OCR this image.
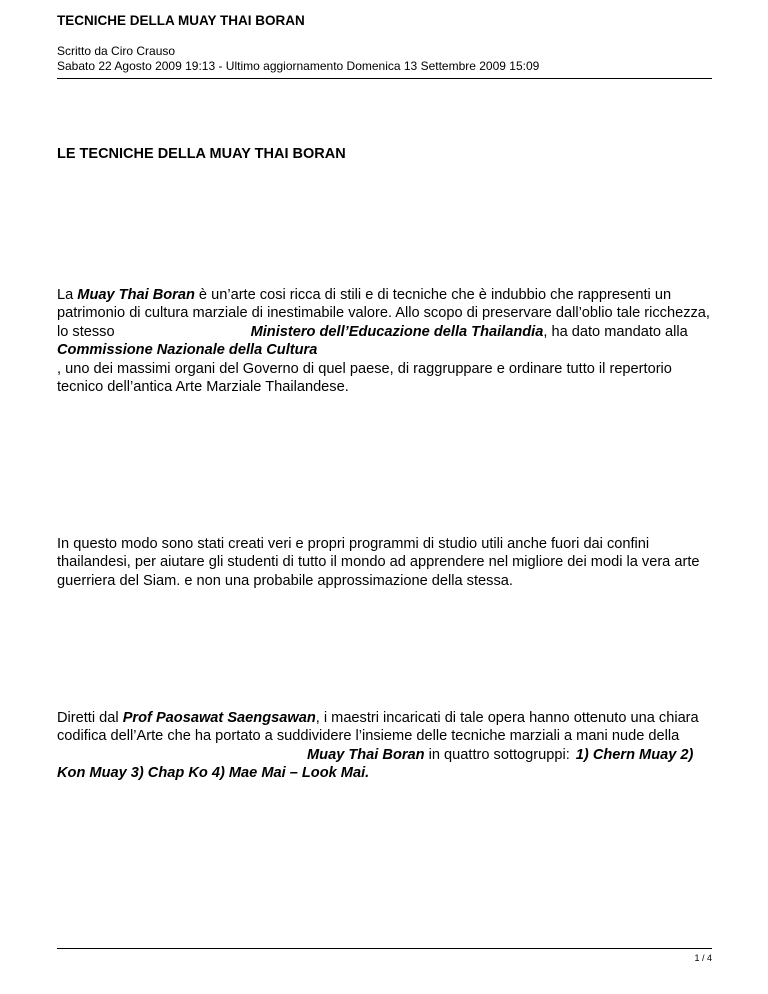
TECNICHE DELLA MUAY THAI BORAN
Scritto da Ciro Crauso
Sabato 22 Agosto 2009 19:13 - Ultimo aggiornamento Domenica 13 Settembre 2009 15:09
LE TECNICHE DELLA MUAY THAI BORAN
La Muay Thai Boran è un’arte cosi ricca di stili e di tecniche che è indubbio che rappresenti un patrimonio di cultura marziale di inestimabile valore. Allo scopo di preservare dall’oblio tale ricchezza, lo stesso	Ministero dell’Educazione della Thailandia, ha dato mandato alla
Commissione Nazionale della Cultura
, uno dei massimi organi del Governo di quel paese, di raggruppare e ordinare tutto il repertorio tecnico dell’antica Arte Marziale Thailandese.
In questo modo sono stati creati veri e propri programmi di studio utili anche fuori dai confini thailandesi, per aiutare gli studenti di tutto il mondo ad apprendere nel migliore dei modi la vera arte guerriera del Siam. e non una probabile approssimazione della stessa.
Diretti dal Prof Paosawat Saengsawan, i maestri incaricati di tale opera hanno ottenuto una chiara codifica dell’Arte che ha portato a suddividere l’insieme delle tecniche marziali a mani nude dellaMuay Thai Boran in quattro sottogruppi: 1) Chern Muay 2) Kon Muay 3) Chap Ko 4) Mae Mai – Look Mai.
1 / 4
